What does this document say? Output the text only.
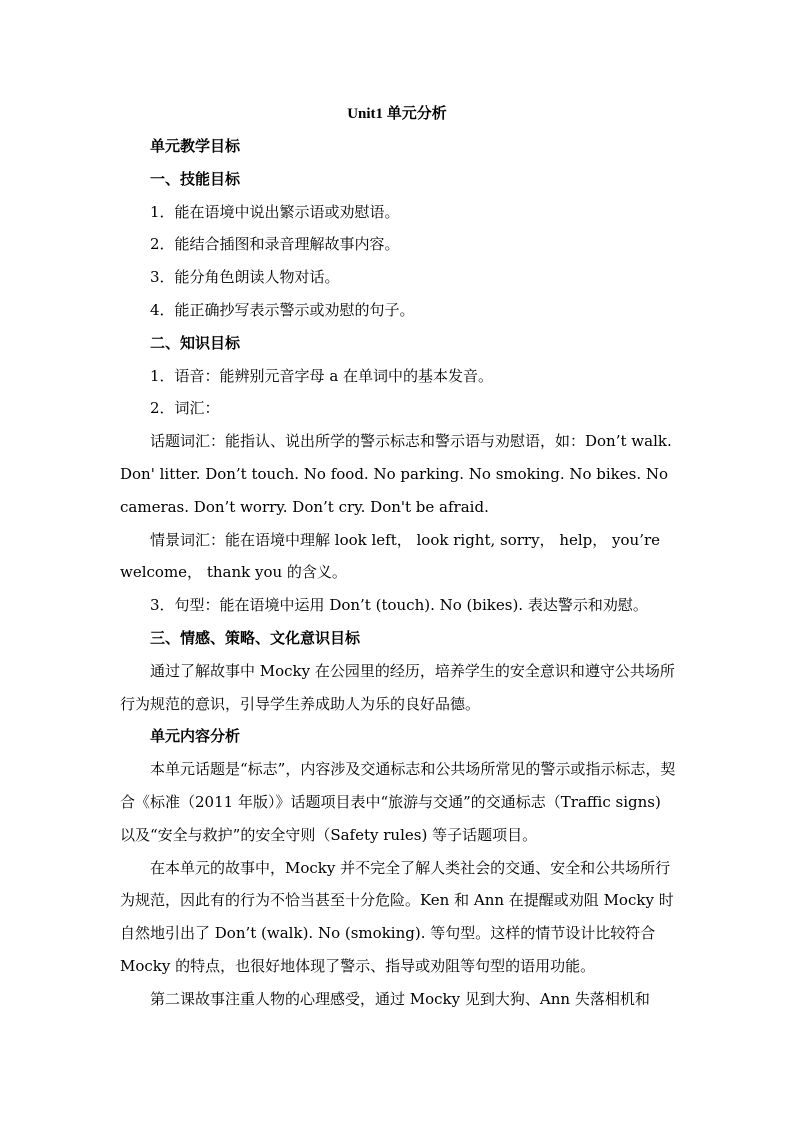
Unit1 单元分析

单元教学目标

一、技能目标

1．能在语境中说出繁示语或劝慰语。

2．能结合插图和录音理解故事内容。

3．能分角色朗读人物对话。

4．能正确抄写表示警示或劝慰的句子。

二、知识目标

1．语音：能辨别元音字母 a 在单词中的基本发音。

2．词汇：

话题词汇：能指认、说出所学的警示标志和警示语与劝慰语，如：Don’t walk. Don' litter. Don’t touch. No food. No parking. No smoking. No bikes. No cameras. Don’t worry. Don’t cry. Don't be afraid.

情景词汇：能在语境中理解 look left， look right, sorry， help， you’re welcome， thank you 的含义。

3．句型：能在语境中运用 Don’t (touch). No (bikes). 表达警示和劝慰。

三、情感、策略、文化意识目标

通过了解故事中 Mocky 在公园里的经历，培养学生的安全意识和遵守公共场所行为规范的意识，引导学生养成助人为乐的良好品德。

单元内容分析

本单元话题是“标志”，内容涉及交通标志和公共场所常见的警示或指示标志，契合《标准（2011 年版）》话题项目表中“旅游与交通”的交通标志（Traffic signs) 以及“安全与救护”的安全守则（Safety rules) 等子话题项目。

在本单元的故事中，Mocky 并不完全了解人类社会的交通、安全和公共场所行为规范，因此有的行为不恰当甚至十分危险。Ken 和 Ann 在提醒或劝阻 Mocky 时自然地引出了 Don’t (walk). No (smoking). 等句型。这样的情节设计比较符合 Mocky 的特点，也很好地体现了警示、指导或劝阻等句型的语用功能。

第二课故事注重人物的心理感受，通过 Mocky 见到大狗、Ann 失落相机和
